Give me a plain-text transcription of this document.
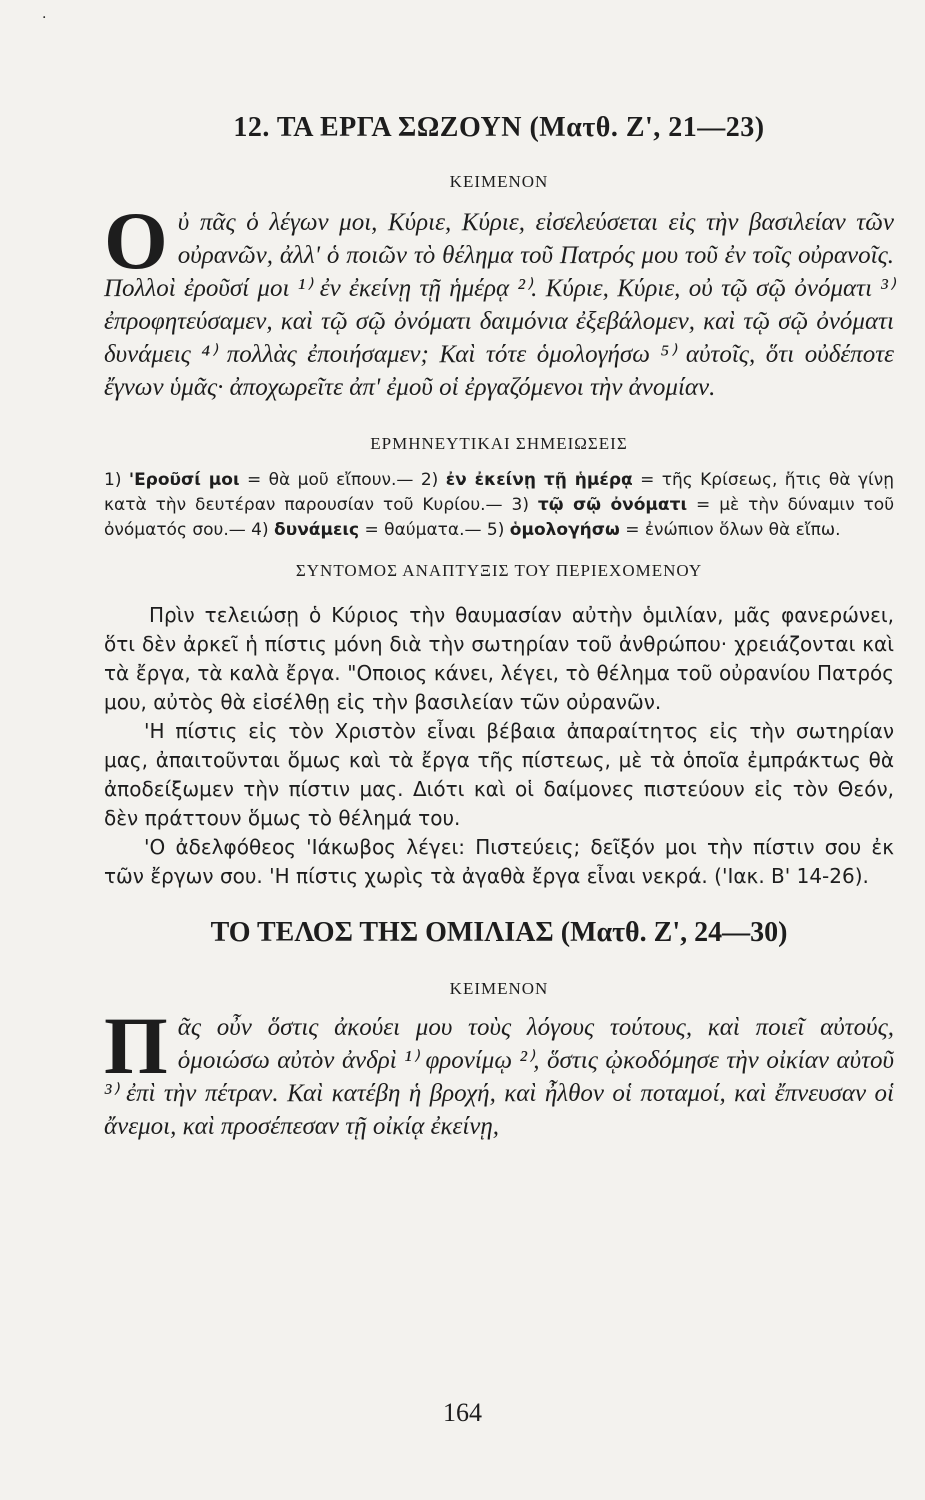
·
12. ΤΑ ΕΡΓΑ ΣΩΖΟΥΝ (Ματθ. Ζ', 21—23)
ΚΕΙΜΕΝΟΝ

Οὐ πᾶς ὁ λέγων μοι, Κύριε, Κύριε, εἰσελεύσεται εἰς τὴν βασιλείαν τῶν οὐρανῶν, ἀλλ' ὁ ποιῶν τὸ θέλημα τοῦ Πατρός μου τοῦ ἐν τοῖς οὐρανοῖς. Πολλοὶ ἐροῦσί μοι ¹⁾ ἐν ἐκείνῃ τῇ ἡμέρᾳ ²⁾. Κύριε, Κύριε, οὐ τῷ σῷ ὀνόματι ³⁾ ἐπροφητεύσαμεν, καὶ τῷ σῷ ὀνόματι δαιμόνια ἐξεβάλομεν, καὶ τῷ σῷ ὀνόματι δυνάμεις ⁴⁾ πολλὰς ἐποιήσαμεν; Καὶ τότε ὁμολογήσω ⁵⁾ αὐτοῖς, ὅτι οὐδέποτε ἔγνων ὑμᾶς· ἀποχωρεῖτε ἀπ' ἐμοῦ οἱ ἐργαζόμενοι τὴν ἀνομίαν.

ΕΡΜΗΝΕΥΤΙΚΑΙ ΣΗΜΕΙΩΣΕΙΣ

1) 'Εροῦσί μοι = θὰ μοῦ εἴπουν.— 2) ἐν ἐκείνῃ τῇ ἡμέρᾳ = τῆς Κρίσεως, ἥτις θὰ γίνῃ κατὰ τὴν δευτέραν παρουσίαν τοῦ Κυρίου.— 3) τῷ σῷ ὀνόματι = μὲ τὴν δύναμιν τοῦ ὀνόματός σου.— 4) δυνάμεις = θαύματα.— 5) ὁμολογήσω = ἐνώπιον ὅλων θὰ εἴπω.

ΣΥΝΤΟΜΟΣ ΑΝΑΠΤΥΞΙΣ ΤΟΥ ΠΕΡΙΕΧΟΜΕΝΟΥ

Πρὶν τελειώσῃ ὁ Κύριος τὴν θαυμασίαν αὐτὴν ὁμιλίαν, μᾶς φανερώνει, ὅτι δὲν ἀρκεῖ ἡ πίστις μόνη διὰ τὴν σωτηρίαν τοῦ ἀνθρώπου· χρειάζονται καὶ τὰ ἔργα, τὰ καλὰ ἔργα. "Οποιος κάνει, λέγει, τὸ θέλημα τοῦ οὐρανίου Πατρός μου, αὐτὸς θὰ εἰσέλθῃ εἰς τὴν βασιλείαν τῶν οὐρανῶν.

'Η πίστις εἰς τὸν Χριστὸν εἶναι βέβαια ἀπαραίτητος εἰς τὴν σωτηρίαν μας, ἀπαιτοῦνται ὅμως καὶ τὰ ἔργα τῆς πίστεως, μὲ τὰ ὁποῖα ἐμπράκτως θὰ ἀποδείξωμεν τὴν πίστιν μας. Διότι καὶ οἱ δαίμονες πιστεύουν εἰς τὸν Θεόν, δὲν πράττουν ὅμως τὸ θέλημά του.

'Ο ἀδελφόθεος 'Ιάκωβος λέγει: Πιστεύεις; δεῖξόν μοι τὴν πίστιν σου ἐκ τῶν ἔργων σου. 'Η πίστις χωρὶς τὰ ἀγαθὰ ἔργα εἶναι νεκρά. ('Ιακ. Β' 14-26).

ΤΟ ΤΕΛΟΣ ΤΗΣ ΟΜΙΛΙΑΣ (Ματθ. Ζ', 24—30)
ΚΕΙΜΕΝΟΝ

Πᾶς οὖν ὅστις ἀκούει μου τοὺς λόγους τούτους, καὶ ποιεῖ αὐτούς, ὁμοιώσω αὐτὸν ἀνδρὶ ¹⁾ φρονίμῳ ²⁾, ὅστις ᾠκοδόμησε τὴν οἰκίαν αὐτοῦ ³⁾ ἐπὶ τὴν πέτραν. Καὶ κατέβη ἡ βροχή, καὶ ἦλθον οἱ ποταμοί, καὶ ἔπνευσαν οἱ ἄνεμοι, καὶ προσέπεσαν τῇ οἰκίᾳ ἐκείνῃ,

164
